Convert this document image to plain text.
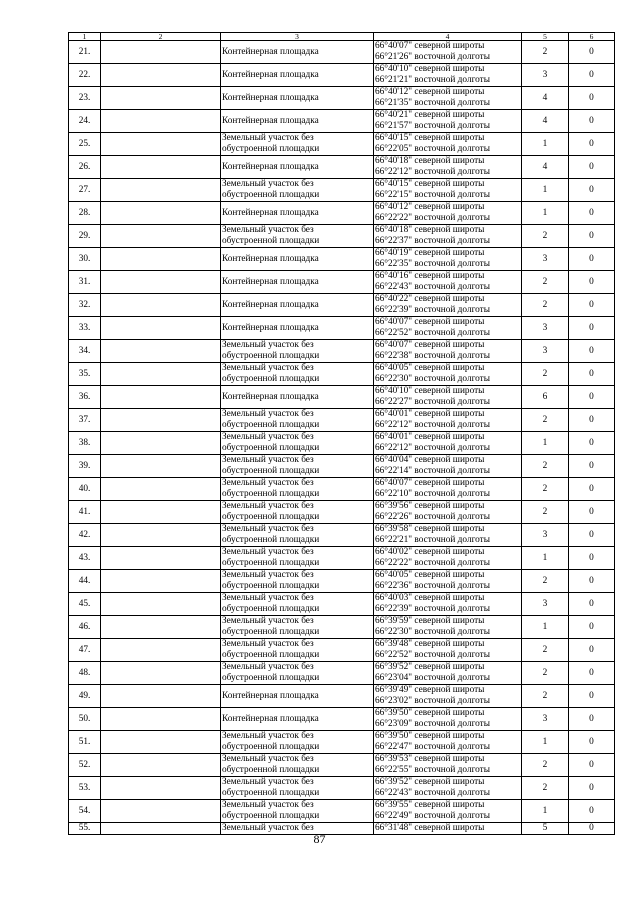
1	2	3	4	5	6

21.		Контейнерная площадка	66°40'07" северной широты
66°21'26" восточной долготы	2	0

22.		Контейнерная площадка	66°40'10" северной широты
66°21'21" восточной долготы	3	0

23.		Контейнерная площадка	66°40'12" северной широты
66°21'35" восточной долготы	4	0

24.		Контейнерная площадка	66°40'21" северной широты
66°21'57" восточной долготы	4	0

25.		Земельный участок без
обустроенной площадки	66°40'15" северной широты
66°22'05" восточной долготы	1	0

26.		Контейнерная площадка	66°40'18" северной широты
66°22'12" восточной долготы	4	0

27.		Земельный участок без
обустроенной площадки	66°40'15" северной широты
66°22'15" восточной долготы	1	0

28.		Контейнерная площадка	66°40'12" северной широты
66°22'22" восточной долготы	1	0

29.		Земельный участок без
обустроенной площадки	66°40'18" северной широты
66°22'37" восточной долготы	2	0

30.		Контейнерная площадка	66°40'19" северной широты
66°22'35" восточной долготы	3	0

31.		Контейнерная площадка	66°40'16" северной широты
66°22'43" восточной долготы	2	0

32.		Контейнерная площадка	66°40'22" северной широты
66°22'39" восточной долготы	2	0

33.		Контейнерная площадка	66°40'07" северной широты
66°22'52" восточной долготы	3	0

34.		Земельный участок без
обустроенной площадки	66°40'07" северной широты
66°22'38" восточной долготы	3	0

35.		Земельный участок без
обустроенной площадки	66°40'05" северной широты
66°22'30" восточной долготы	2	0

36.		Контейнерная площадка	66°40'10" северной широты
66°22'27" восточной долготы	6	0

37.		Земельный участок без
обустроенной площадки	66°40'01" северной широты
66°22'12" восточной долготы	2	0

38.		Земельный участок без
обустроенной площадки	66°40'01" северной широты
66°22'12" восточной долготы	1	0

39.		Земельный участок без
обустроенной площадки	66°40'04" северной широты
66°22'14" восточной долготы	2	0

40.		Земельный участок без
обустроенной площадки	66°40'07" северной широты
66°22'10" восточной долготы	2	0

41.		Земельный участок без
обустроенной площадки	66°39'56" северной широты
66°22'26" восточной долготы	2	0

42.		Земельный участок без
обустроенной площадки	66°39'58" северной широты
66°22'21" восточной долготы	3	0

43.		Земельный участок без
обустроенной площадки	66°40'02" северной широты
66°22'22" восточной долготы	1	0

44.		Земельный участок без
обустроенной площадки	66°40'05" северной широты
66°22'36" восточной долготы	2	0

45.		Земельный участок без
обустроенной площадки	66°40'03" северной широты
66°22'39" восточной долготы	3	0

46.		Земельный участок без
обустроенной площадки	66°39'59" северной широты
66°22'30" восточной долготы	1	0

47.		Земельный участок без
обустроенной площадки	66°39'48" северной широты
66°22'52" восточной долготы	2	0

48.		Земельный участок без
обустроенной площадки	66°39'52" северной широты
66°23'04" восточной долготы	2	0

49.		Контейнерная площадка	66°39'49" северной широты
66°23'02" восточной долготы	2	0

50.		Контейнерная площадка	66°39'50" северной широты
66°23'09" восточной долготы	3	0

51.		Земельный участок без
обустроенной площадки	66°39'50" северной широты
66°22'47" восточной долготы	1	0

52.		Земельный участок без
обустроенной площадки	66°39'53" северной широты
66°22'55" восточной долготы	2	0

53.		Земельный участок без
обустроенной площадки	66°39'52" северной широты
66°22'43" восточной долготы	2	0

54.		Земельный участок без
обустроенной площадки	66°39'55" северной широты
66°22'49" восточной долготы	1	0

55.		Земельный участок без	66°31'48" северной широты	5	0
87
